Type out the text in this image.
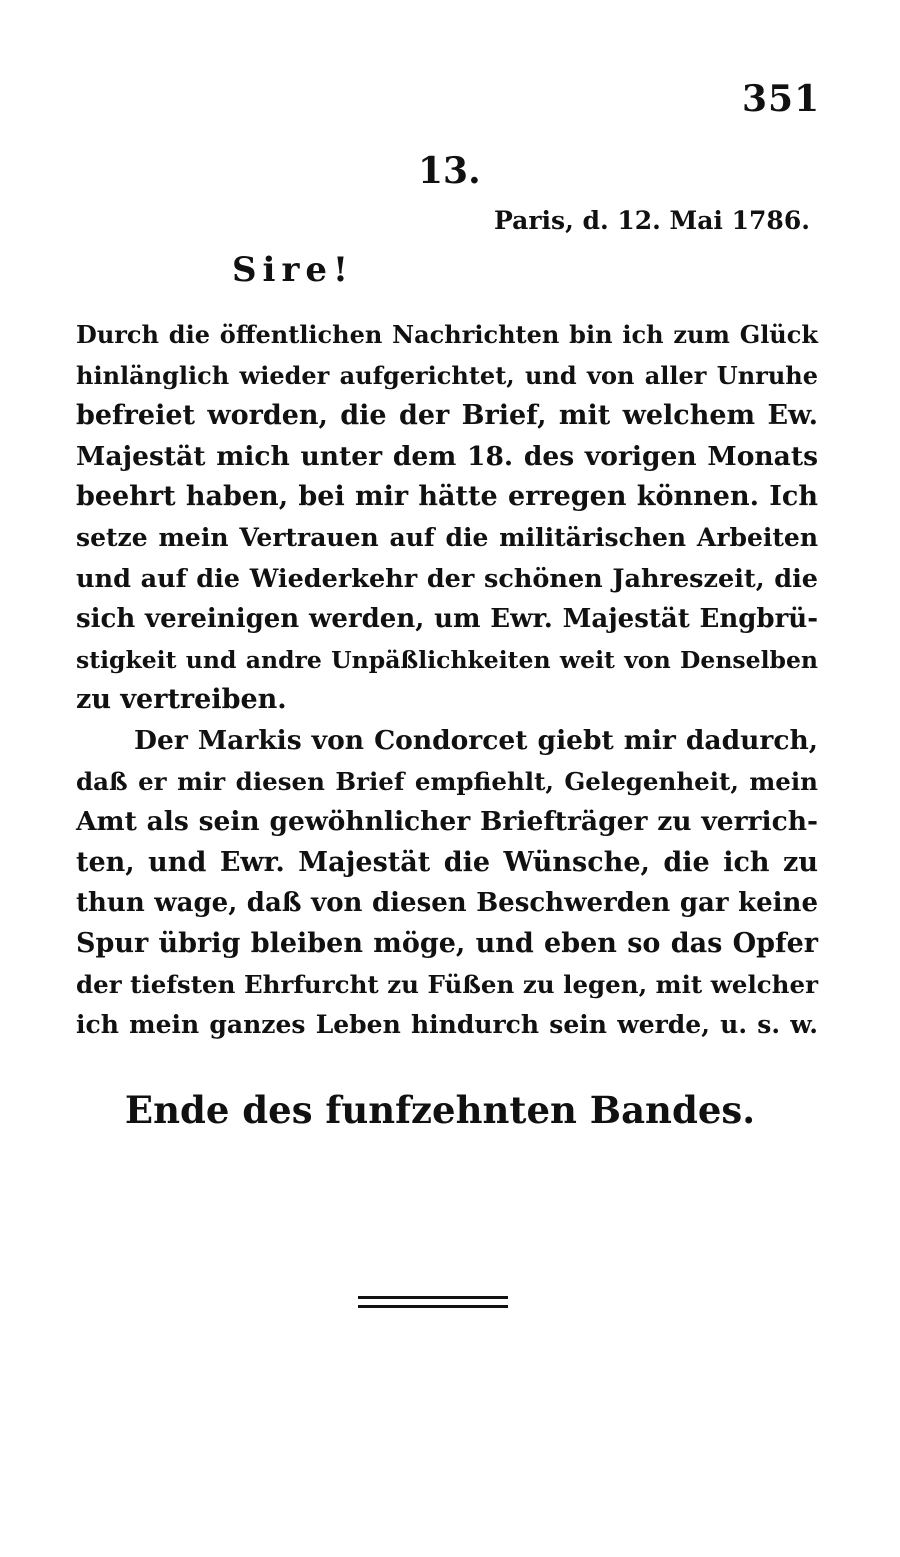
351
13.
Paris, d. 12. Mai 1786.
Sire!
Durch die öffentlichen Nachrichten bin ich zum Glück
hinlänglich wieder aufgerichtet, und von aller Unruhe
befreiet worden, die der Brief, mit welchem Ew.
Majestät mich unter dem 18. des vorigen Monats
beehrt haben, bei mir hätte erregen können. Ich
setze mein Vertrauen auf die militärischen Arbeiten
und auf die Wiederkehr der schönen Jahreszeit, die
sich vereinigen werden, um Ewr. Majestät Engbrü-
stigkeit und andre Unpäßlichkeiten weit von Denselben
zu vertreiben.
Der Markis von Condorcet giebt mir dadurch,
daß er mir diesen Brief empfiehlt, Gelegenheit, mein
Amt als sein gewöhnlicher Briefträger zu verrich-
ten, und Ewr. Majestät die Wünsche, die ich zu
thun wage, daß von diesen Beschwerden gar keine
Spur übrig bleiben möge, und eben so das Opfer
der tiefsten Ehrfurcht zu Füßen zu legen, mit welcher
ich mein ganzes Leben hindurch sein werde, u. s. w.
Ende des funfzehnten Bandes.
